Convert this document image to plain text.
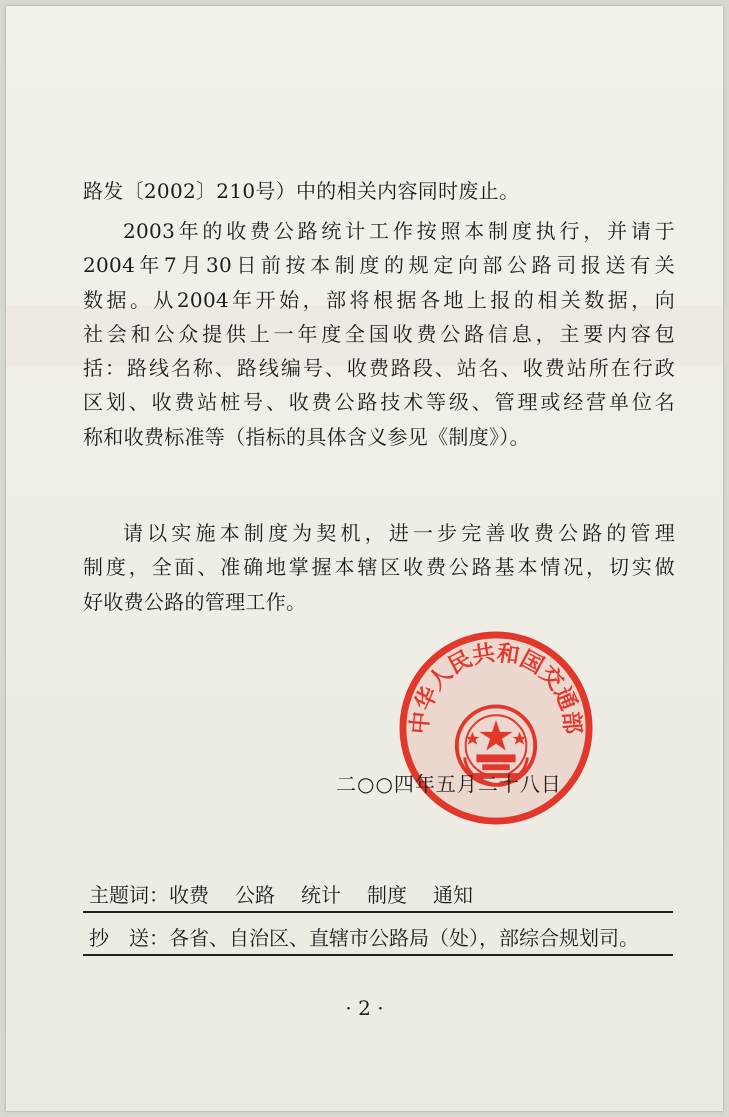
路发〔2002〕210号）中的相关内容同时废止。

2003年的收费公路统计工作按照本制度执行，并请于
2004年7月30日前按本制度的规定向部公路司报送有关
数据。从2004年开始，部将根据各地上报的相关数据，向
社会和公众提供上一年度全国收费公路信息，主要内容包
括：路线名称、路线编号、收费路段、站名、收费站所在行政
区划、收费站桩号、收费公路技术等级、管理或经营单位名
称和收费标准等（指标的具体含义参见《制度》）。

请以实施本制度为契机，进一步完善收费公路的管理
制度，全面、准确地掌握本辖区收费公路基本情况，切实做
好收费公路的管理工作。

中华人民共和国交通部
二○○四年五月二十八日
主题词：收费 公路 统计 制度 通知
抄　送：各省、自治区、直辖市公路局（处），部综合规划司。
· 2 ·
